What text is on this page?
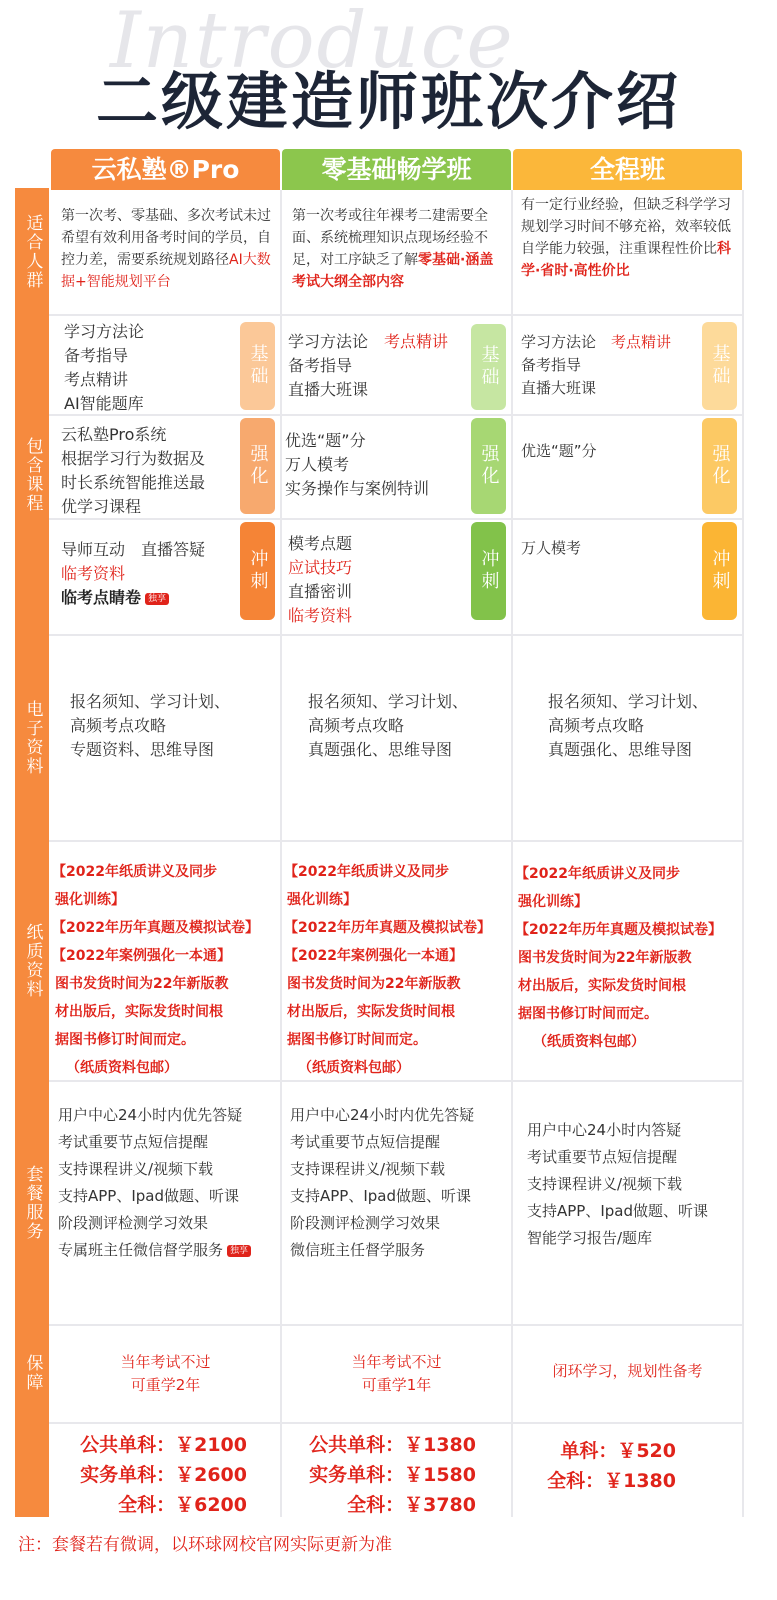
Introduce
二级建造师班次介绍
云私塾®Pro	零基础畅学班	全程班
适合人群
包含课程
电子资料
纸质资料
套餐服务
保障
第一次考、零基础、多次考试未过希望有效利用备考时间的学员，自控力差，需要系统规划路径AI大数据+智能规划平台
第一次考或往年裸考二建需要全面、系统梳理知识点现场经验不足，对工序缺乏了解零基础·涵盖考试大纲全部内容
有一定行业经验，但缺乏科学学习规划学习时间不够充裕，效率较低自学能力较强，注重课程性价比科学·省时·高性价比
学习方法论
备考指导
考点精讲
AI智能题库
云私塾Pro系统
根据学习行为数据及
时长系统智能推送最
优学习课程
导师互动　直播答疑
临考资料
临考点睛卷 独享
学习方法论　 考点精讲
备考指导
直播大班课
优选“题”分
万人模考
实务操作与案例特训
模考点题
应试技巧
直播密训
临考资料
学习方法论　 考点精讲
备考指导
直播大班课
优选“题”分
万人模考
基础
强化
冲刺
基础
强化
冲刺
基础
强化
冲刺
报名须知、学习计划、
高频考点攻略
专题资料、思维导图
报名须知、学习计划、
高频考点攻略
真题强化、思维导图
报名须知、学习计划、
高频考点攻略
真题强化、思维导图
【2022年纸质讲义及同步
强化训练】
【2022年历年真题及模拟试卷】
【2022年案例强化一本通】
图书发货时间为22年新版教
材出版后，实际发货时间根
据图书修订时间而定。
（纸质资料包邮）
【2022年纸质讲义及同步
强化训练】
【2022年历年真题及模拟试卷】
【2022年案例强化一本通】
图书发货时间为22年新版教
材出版后，实际发货时间根
据图书修订时间而定。
（纸质资料包邮）
【2022年纸质讲义及同步
强化训练】
【2022年历年真题及模拟试卷】
图书发货时间为22年新版教
材出版后，实际发货时间根
据图书修订时间而定。
（纸质资料包邮）
用户中心24小时内优先答疑
考试重要节点短信提醒
支持课程讲义/视频下载
支持APP、Ipad做题、听课
阶段测评检测学习效果
专属班主任微信督学服务 独享
用户中心24小时内优先答疑
考试重要节点短信提醒
支持课程讲义/视频下载
支持APP、Ipad做题、听课
阶段测评检测学习效果
微信班主任督学服务
用户中心24小时内答疑
考试重要节点短信提醒
支持课程讲义/视频下载
支持APP、Ipad做题、听课
智能学习报告/题库
当年考试不过
可重学2年
当年考试不过
可重学1年
闭环学习，规划性备考
公共单科：￥2100
实务单科：￥2600
全科：￥6200
公共单科：￥1380
实务单科：￥1580
全科：￥3780
单科：￥520
全科：￥1380
注：套餐若有微调，以环球网校官网实际更新为准
